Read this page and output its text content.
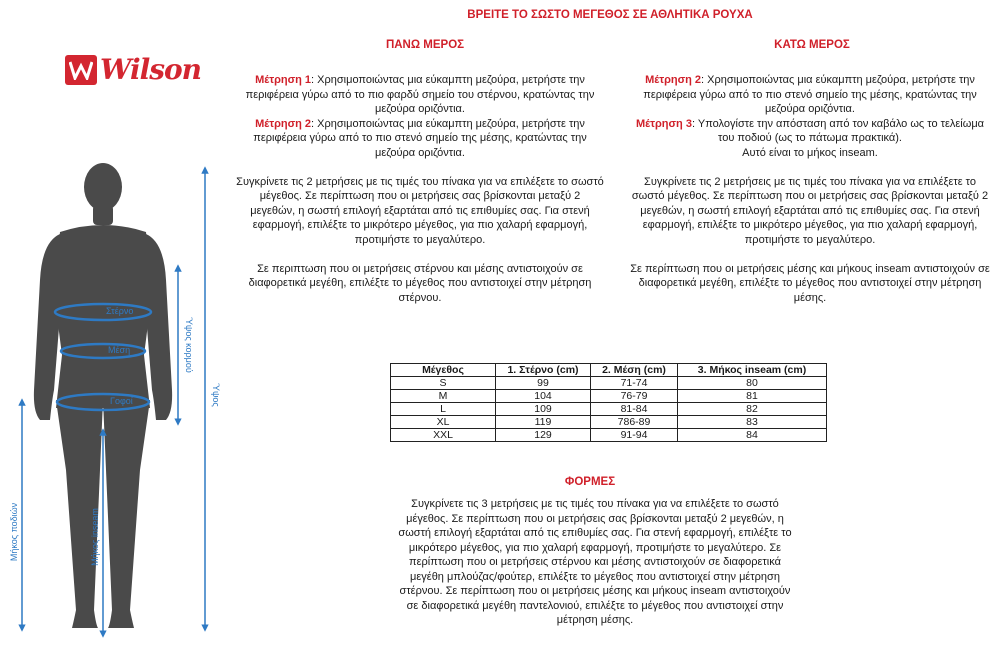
ΒΡΕΙΤΕ ΤΟ ΣΩΣΤΟ ΜΕΓΕΘΟΣ ΣΕ ΑΘΛΗΤΙΚΑ ΡΟΥΧΑ
Wilson
ΠΑΝΩ ΜΕΡΟΣ

Μέτρηση 1: Χρησιμοποιώντας μια εύκαμπτη μεζούρα, μετρήστε την περιφέρεια γύρω από το πιο φαρδύ σημείο του στέρνου, κρατώντας την μεζούρα οριζόντια.

Μέτρηση 2: Χρησιμοποιώντας μια εύκαμπτη μεζούρα, μετρήστε την περιφέρεια γύρω από το πιο στενό σημείο της μέσης, κρατώντας την μεζούρα οριζόντια.

Συγκρίνετε τις 2 μετρήσεις με τις τιμές του πίνακα για να επιλέξετε το σωστό μέγεθος. Σε περίπτωση που οι μετρήσεις σας βρίσκονται μεταξύ 2 μεγεθών, η σωστή επιλογή εξαρτάται από τις επιθυμίες σας. Για στενή εφαρμογή, επιλέξτε το μικρότερο μέγεθος, για πιο χαλαρή εφαρμογή, προτιμήστε το μεγαλύτερο.

Σε περιπτωση που οι μετρήσεις στέρνου και μέσης αντιστοιχούν σε διαφορετικά μεγέθη, επιλέξτε το μέγεθος που αντιστοιχεί στην μέτρηση στέρνου.

ΚΑΤΩ ΜΕΡΟΣ

Μέτρηση 2: Χρησιμοποιώντας μια εύκαμπτη μεζούρα, μετρήστε την περιφέρεια γύρω από το πιο στενό σημείο της μέσης, κρατώντας την μεζούρα οριζόντια.

Μέτρηση 3: Υπολογίστε την απόσταση από τον καβάλο ως το τελείωμα του ποδιού (ως το πάτωμα πρακτικά).

Αυτό είναι το μήκος inseam.

Συγκρίνετε τις 2 μετρήσεις με τις τιμές του πίνακα για να επιλέξετε το σωστό μέγεθος. Σε περίπτωση που οι μετρήσεις σας βρίσκονται μεταξύ 2 μεγεθών, η σωστή επιλογή εξαρτάται από τις επιθυμίες σας. Για στενή εφαρμογή, επιλέξτε το μικρότερο μέγεθος, για πιο χαλαρή εφαρμογή, προτιμήστε το μεγαλύτερο.

Σε περίπτωση που οι μετρήσεις μέσης και μήκους inseam αντιστοιχούν σε διαφορετικά μεγέθη, επιλέξτε το μέγεθος που αντιστοιχεί στην μέτρηση μέσης.

Μέγεθος	1. Στέρνο (cm)	2. Μέση (cm)	3. Μήκος inseam (cm)
S	99	71-74	80
M	104	76-79	81
L	109	81-84	82
XL	119	786-89	83
XXL	129	91-94	84
ΦΟΡΜΕΣ
Συγκρίνετε τις 3 μετρήσεις με τις τιμές του πίνακα για να επιλέξετε το σωστό μέγεθος. Σε περίπτωση που οι μετρήσεις σας βρίσκονται μεταξύ 2 μεγεθών, η σωστή επιλογή εξαρτάται από τις επιθυμίες σας. Για στενή εφαρμογή, επιλέξτε το μικρότερο μέγεθος, για πιο χαλαρή εφαρμογή, προτιμήστε το μεγαλύτερο. Σε περίπτωση που οι μετρήσεις στέρνου και μέσης αντιστοιχούν σε διαφορετικά μεγέθη μπλούζας/φούτερ, επιλέξτε το μέγεθος που αντιστοιχεί στην μέτρηση στέρνου. Σε περίπτωση που οι μετρήσεις μέσης και μήκους inseam αντιστοιχούν σε διαφορετικά μεγέθη παντελονιού, επιλέξτε το μέγεθος που αντιστοιχεί στην μέτρηση μέσης.
Στέρνο
Μέση
Γοφοί
Ύψος κορμού
Ύψος
Μήκος ποδιών	Μήκος inseam
